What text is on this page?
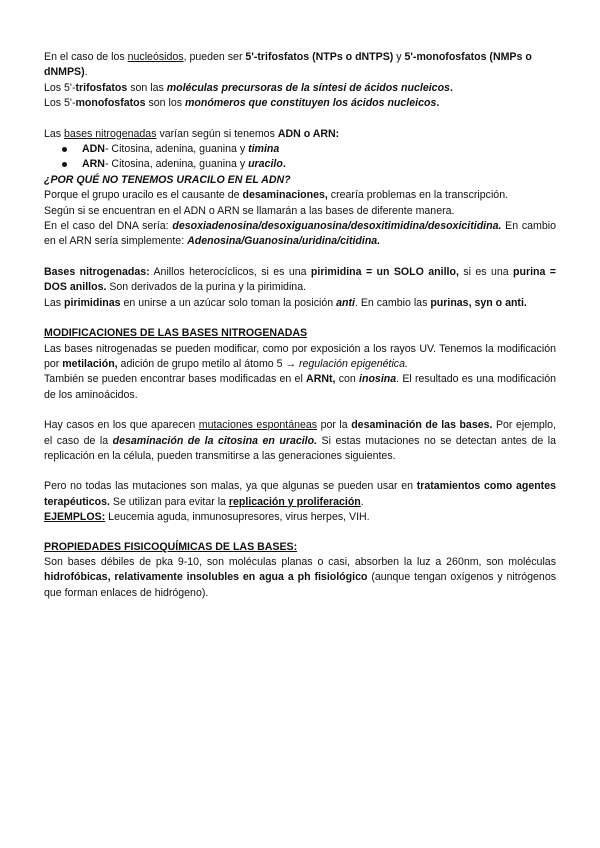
En el caso de los nucleósidos, pueden ser 5'-trifosfatos (NTPs o dNTPS) y 5'-monofosfatos (NMPs o dNMPS).

Los 5'-trifosfatos son las moléculas precursoras de la síntesi de ácidos nucleicos.

Los 5'-monofosfatos son los monómeros que constituyen los ácidos nucleicos.

Las bases nitrogenadas varían según si tenemos ADN o ARN:

ADN- Citosina, adenina, guanina y timina
ARN- Citosina, adenina, guanina y uracilo.

¿POR QUÉ NO TENEMOS URACILO EN EL ADN?

Porque el grupo uracilo es el causante de desaminaciones, crearía problemas en la transcripción.

Según si se encuentran en el ADN o ARN se llamarán a las bases de diferente manera.

En el caso del DNA sería: desoxiadenosina/desoxiguanosina/desoxitimidina/desoxicitidina. En cambio en el ARN sería simplemente: Adenosina/Guanosina/uridina/citidina.

Bases nitrogenadas: Anillos heterocíclicos, si es una pirimidina = un SOLO anillo, si es una purina = DOS anillos. Son derivados de la purina y la pirimidina.

Las pirimidinas en unirse a un azúcar solo toman la posición anti. En cambio las purinas, syn o anti.

MODIFICACIONES DE LAS BASES NITROGENADAS

Las bases nitrogenadas se pueden modificar, como por exposición a los rayos UV. Tenemos la modificación por metilación, adición de grupo metilo al átomo 5 → regulación epigenética.

También se pueden encontrar bases modificadas en el ARNt, con inosina. El resultado es una modificación de los aminoácidos.

Hay casos en los que aparecen mutaciones espontáneas por la desaminación de las bases. Por ejemplo, el caso de la desaminación de la citosina en uracilo. Si estas mutaciones no se detectan antes de la replicación en la célula, pueden transmitirse a las generaciones siguientes.

Pero no todas las mutaciones son malas, ya que algunas se pueden usar en tratamientos como agentes terapéuticos. Se utilizan para evitar la replicación y proliferación.

EJEMPLOS: Leucemia aguda, inmunosupresores, virus herpes, VIH.

PROPIEDADES FISICOQUÍMICAS DE LAS BASES:

Son bases débiles de pka 9-10, son moléculas planas o casi, absorben la luz a 260nm, son moléculas hidrofóbicas, relativamente insolubles en agua a ph fisiológico (aunque tengan oxígenos y nitrógenos que forman enlaces de hidrógeno).
